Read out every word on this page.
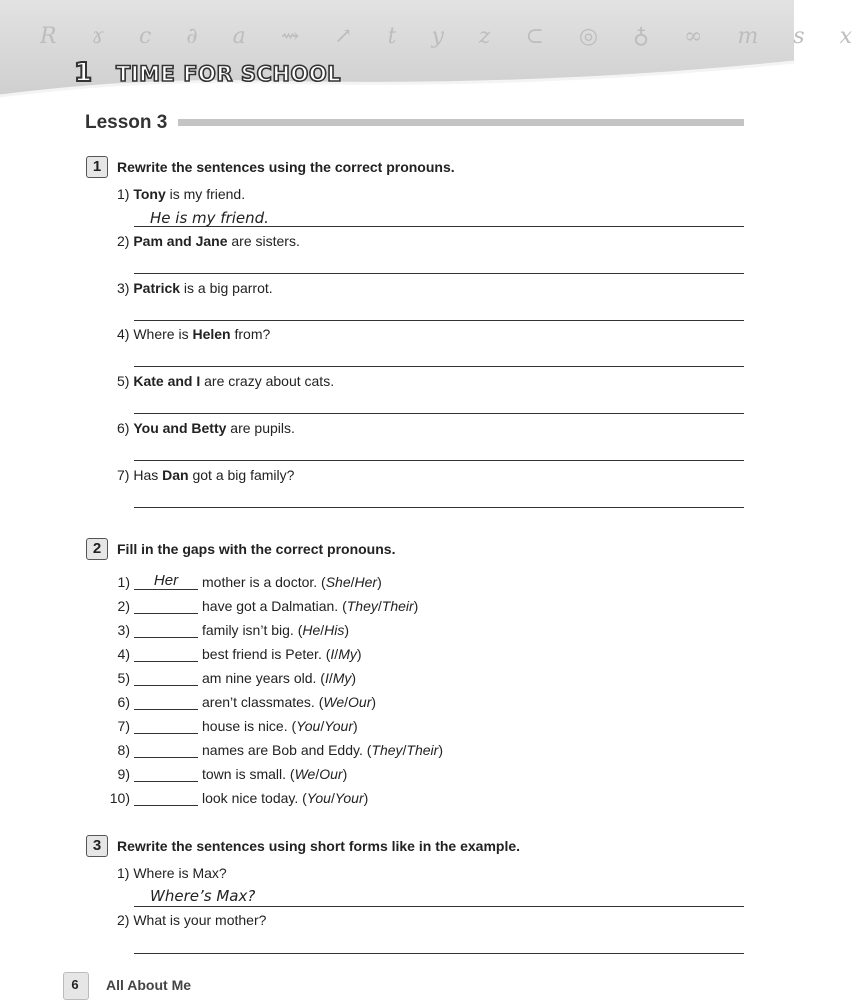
R ɤ c ∂ a ⇝ ↗ t y z ⊂ ◎ ♁ ∞ m s x
1 TIME FOR SCHOOL
Lesson 3
1	Rewrite the sentences using the correct pronouns.
1) Tony is my friend.
He is my friend.
2) Pam and Jane are sisters.
3) Patrick is a big parrot.
4) Where is Helen from?
5) Kate and I are crazy about cats.
6) You and Betty are pupils.
7) Has Dan got a big family?
2	Fill in the gaps with the correct pronouns.
1) Her mother is a doctor. (She/Her)
2)	have got a Dalmatian. (They/Their)
3)	family isn’t big. (He/His)
4)	best friend is Peter. (I/My)
5)	am nine years old. (I/My)
6)	aren’t classmates. (We/Our)
7)	house is nice. (You/Your)
8)	names are Bob and Eddy. (They/Their)
9)	town is small. (We/Our)
10)	look nice today. (You/Your)
3	Rewrite the sentences using short forms like in the example.
1) Where is Max?
Where’s Max?
2) What is your mother?
6	All About Me
